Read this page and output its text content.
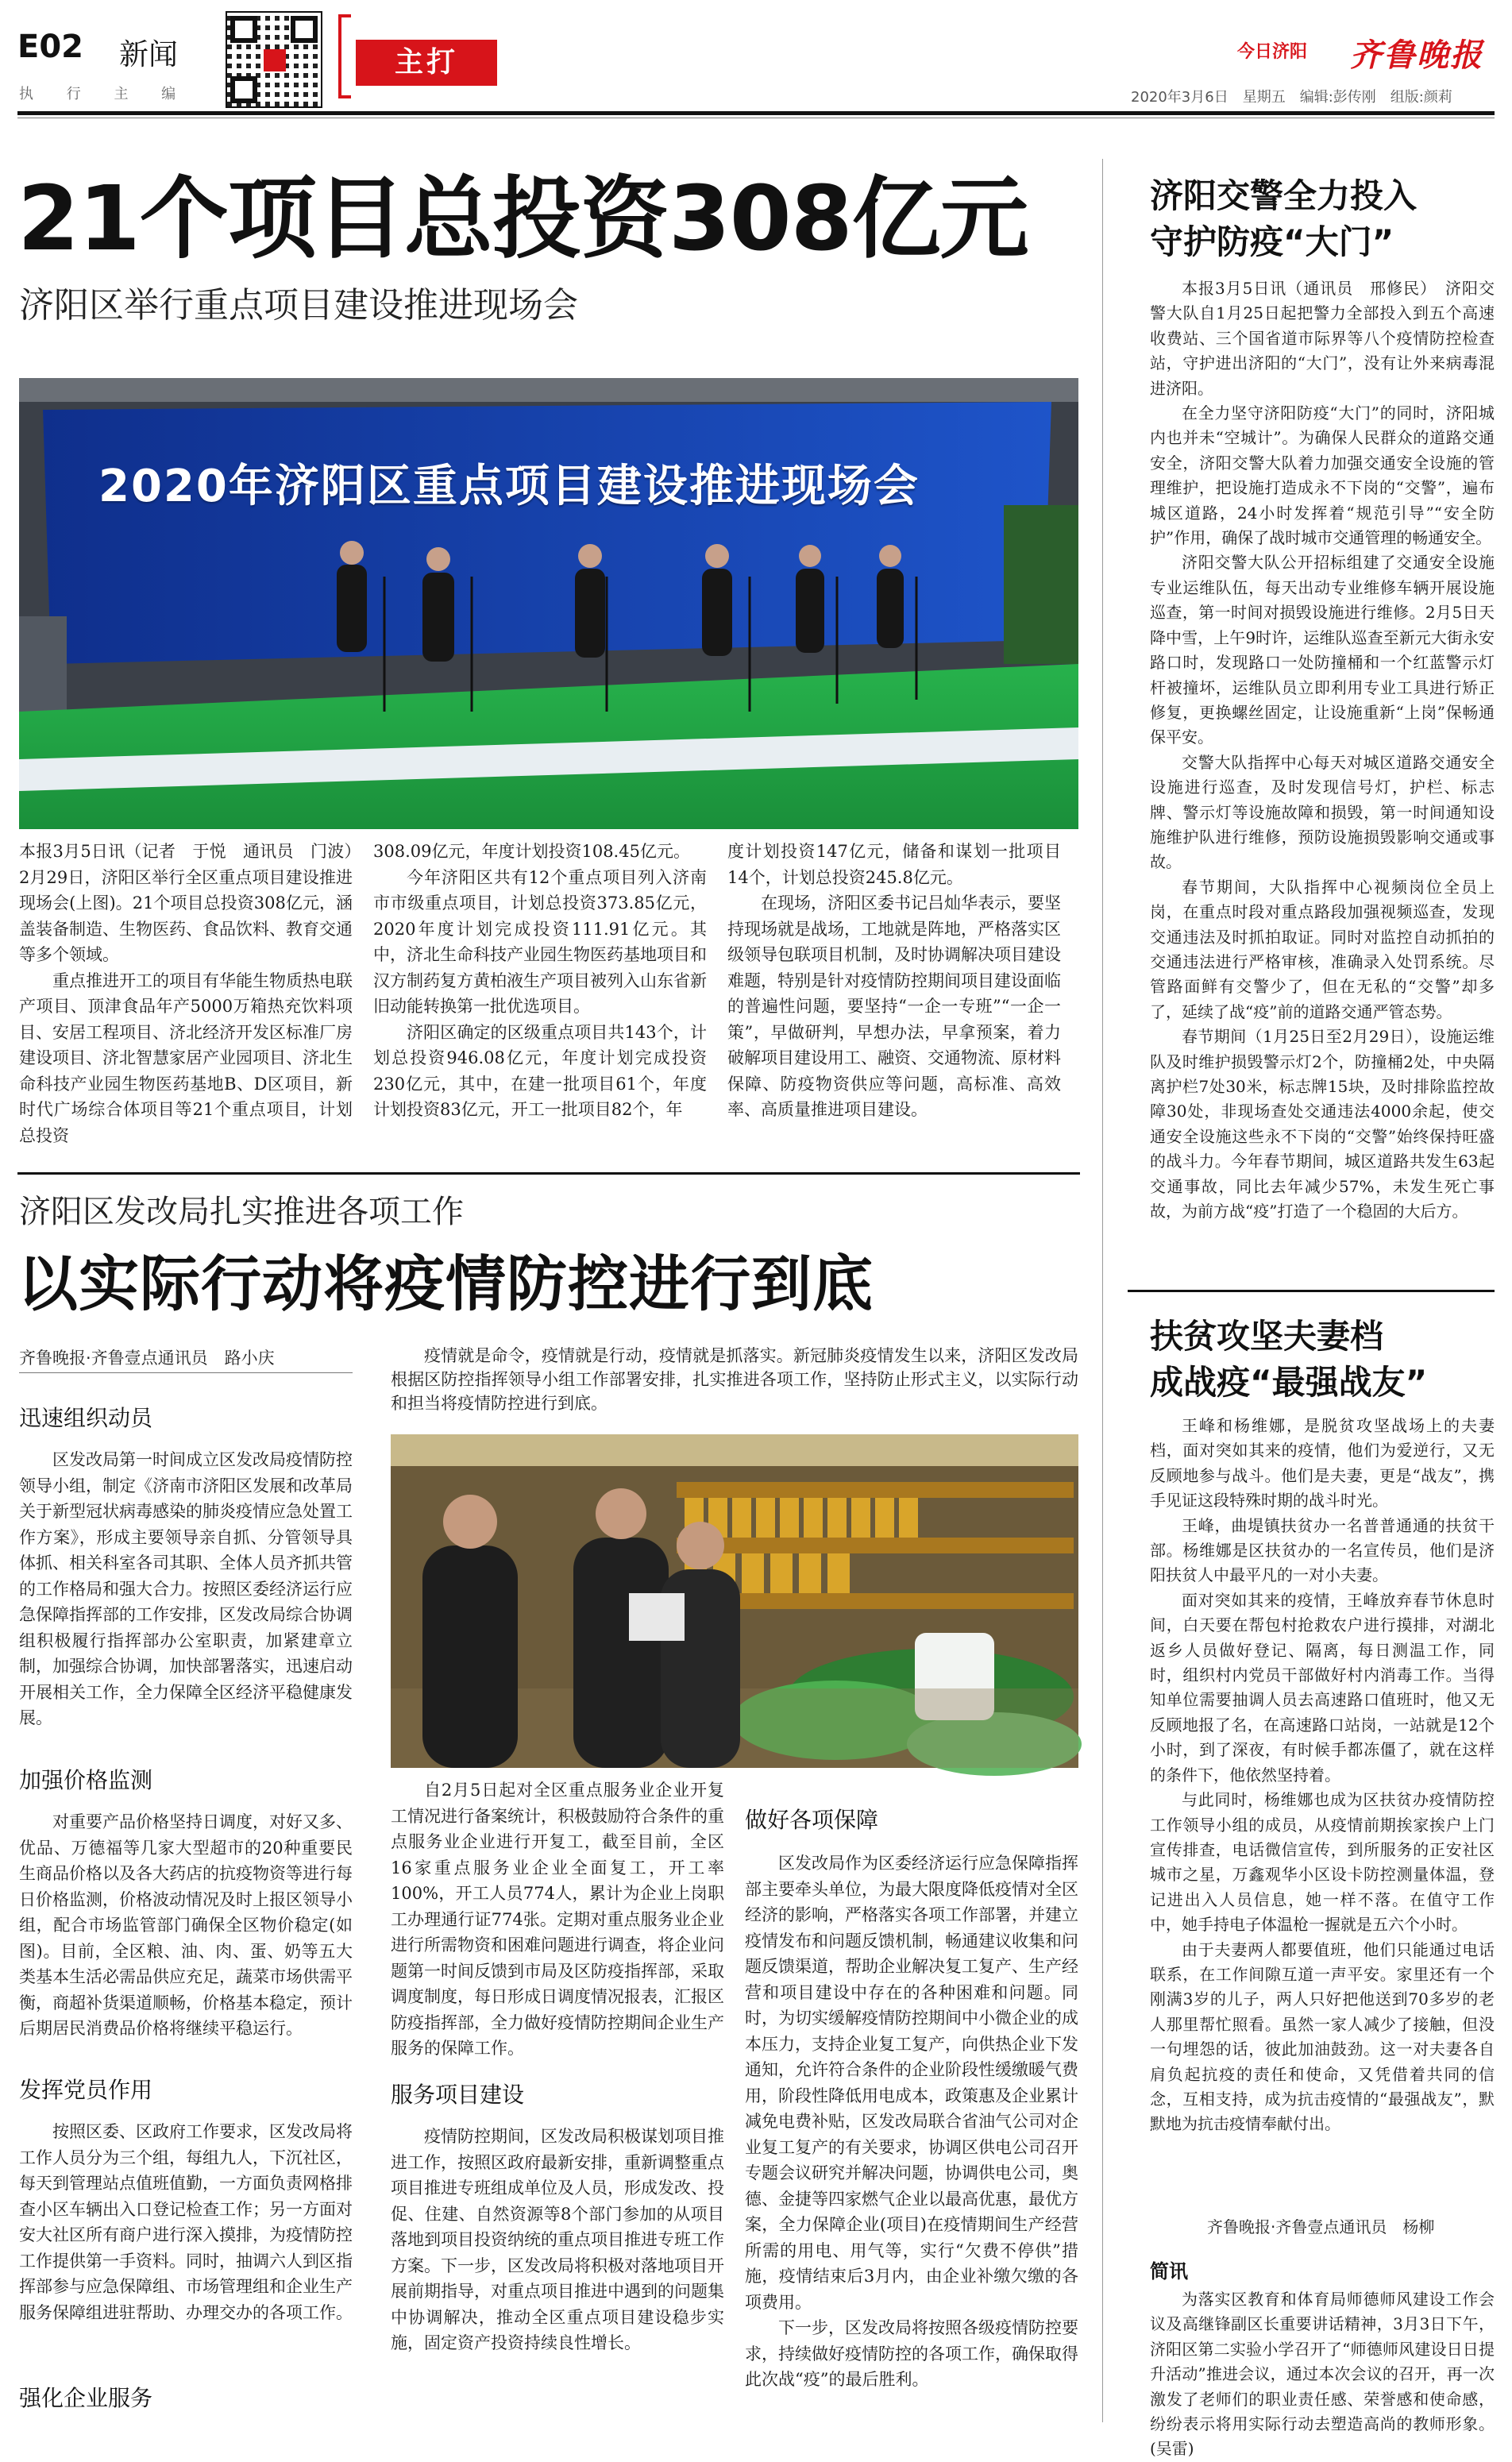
E02 新闻
执 行 主 编
主打	今日济阳 齐鲁晚报
2020年3月6日　星期五　编辑:彭传刚　组版:颜莉
21个项目总投资308亿元
济阳区举行重点项目建设推进现场会
2020年济阳区重点项目建设推进现场会

本报3月5日讯（记者　于悦　通讯员　门波）　2月29日，济阳区举行全区重点项目建设推进现场会(上图)。21个项目总投资308亿元，涵盖装备制造、生物医药、食品饮料、教育交通等多个领域。

重点推进开工的项目有华能生物质热电联产项目、顶津食品年产5000万箱热充饮料项目、安居工程项目、济北经济开发区标准厂房建设项目、济北智慧家居产业园项目、济北生命科技产业园生物医药基地B、D区项目，新时代广场综合体项目等21个重点项目，计划总投资

308.09亿元，年度计划投资108.45亿元。

今年济阳区共有12个重点项目列入济南市市级重点项目，计划总投资373.85亿元，2020年度计划完成投资111.91亿元。其中，济北生命科技产业园生物医药基地项目和汉方制药复方黄柏液生产项目被列入山东省新旧动能转换第一批优选项目。

济阳区确定的区级重点项目共143个，计划总投资946.08亿元，年度计划完成投资230亿元，其中，在建一批项目61个，年度计划投资83亿元，开工一批项目82个，年

度计划投资147亿元，储备和谋划一批项目14个，计划总投资245.8亿元。

在现场，济阳区委书记吕灿华表示，要坚持现场就是战场，工地就是阵地，严格落实区级领导包联项目机制，及时协调解决项目建设难题，特别是针对疫情防控期间项目建设面临的普遍性问题，要坚持“一企一专班”“一企一策”，早做研判，早想办法，早拿预案，着力破解项目建设用工、融资、交通物流、原材料保障、防疫物资供应等问题，高标准、高效率、高质量推进项目建设。

济阳区发改局扎实推进各项工作
以实际行动将疫情防控进行到底
齐鲁晚报·齐鲁壹点通讯员　路小庆	疫情就是命令，疫情就是行动，疫情就是抓落实。新冠肺炎疫情发生以来，济阳区发改局根据区防控指挥领导小组工作部署安排，扎实推进各项工作，坚持防止形式主义，以实际行动和担当将疫情防控进行到底。
迅速组织动员

区发改局第一时间成立区发改局疫情防控领导小组，制定《济南市济阳区发展和改革局关于新型冠状病毒感染的肺炎疫情应急处置工作方案》，形成主要领导亲自抓、分管领导具体抓、相关科室各司其职、全体人员齐抓共管的工作格局和强大合力。按照区委经济运行应急保障指挥部的工作安排，区发改局综合协调组积极履行指挥部办公室职责，加紧建章立制，加强综合协调，加快部署落实，迅速启动开展相关工作，全力保障全区经济平稳健康发展。

加强价格监测

对重要产品价格坚持日调度，对好又多、优品、万德福等几家大型超市的20种重要民生商品价格以及各大药店的抗疫物资等进行每日价格监测，价格波动情况及时上报区领导小组，配合市场监管部门确保全区物价稳定(如图)。目前，全区粮、油、肉、蛋、奶等五大类基本生活必需品供应充足，蔬菜市场供需平衡，商超补货渠道顺畅，价格基本稳定，预计后期居民消费品价格将继续平稳运行。

发挥党员作用

按照区委、区政府工作要求，区发改局将工作人员分为三个组，每组九人，下沉社区，每天到管理站点值班值勤，一方面负责网格排查小区车辆出入口登记检查工作；另一方面对安大社区所有商户进行深入摸排，为疫情防控工作提供第一手资料。同时，抽调六人到区指挥部参与应急保障组、市场管理组和企业生产服务保障组进驻帮助、办理交办的各项工作。

强化企业服务

自2月5日起对全区重点服务业企业开复工情况进行备案统计，积极鼓励符合条件的重点服务业企业进行开复工，截至目前，全区16家重点服务业企业全面复工，开工率100%，开工人员774人，累计为企业上岗职工办理通行证774张。定期对重点服务业企业进行所需物资和困难问题进行调查，将企业问题第一时间反馈到市局及区防疫指挥部，采取调度制度，每日形成日调度情况报表，汇报区防疫指挥部，全力做好疫情防控期间企业生产服务的保障工作。

服务项目建设

疫情防控期间，区发改局积极谋划项目推进工作，按照区政府最新安排，重新调整重点项目推进专班组成单位及人员，形成发改、投促、住建、自然资源等8个部门参加的从项目落地到项目投资纳统的重点项目推进专班工作方案。下一步，区发改局将积极对落地项目开展前期指导，对重点项目推进中遇到的问题集中协调解决，推动全区重点项目建设稳步实施，固定资产投资持续良性增长。

做好各项保障

区发改局作为区委经济运行应急保障指挥部主要牵头单位，为最大限度降低疫情对全区经济的影响，严格落实各项工作部署，并建立疫情发布和问题反馈机制，畅通建议收集和问题反馈渠道，帮助企业解决复工复产、生产经营和项目建设中存在的各种困难和问题。同时，为切实缓解疫情防控期间中小微企业的成本压力，支持企业复工复产，向供热企业下发通知，允许符合条件的企业阶段性缓缴暖气费用，阶段性降低用电成本，政策惠及企业累计减免电费补贴，区发改局联合省油气公司对企业复工复产的有关要求，协调区供电公司召开专题会议研究并解决问题，协调供电公司，奥德、金捷等四家燃气企业以最高优惠，最优方案，全力保障企业(项目)在疫情期间生产经营所需的用电、用气等，实行“欠费不停供”措施，疫情结束后3月内，由企业补缴欠缴的各项费用。

下一步，区发改局将按照各级疫情防控要求，持续做好疫情防控的各项工作，确保取得此次战“疫”的最后胜利。

济阳交警全力投入
守护防疫“大门”

本报3月5日讯（通讯员　邢修民）　济阳交警大队自1月25日起把警力全部投入到五个高速收费站、三个国省道市际界等八个疫情防控检查站，守护进出济阳的“大门”，没有让外来病毒混进济阳。

在全力坚守济阳防疫“大门”的同时，济阳城内也并未“空城计”。为确保人民群众的道路交通安全，济阳交警大队着力加强交通安全设施的管理维护，把设施打造成永不下岗的“交警”，遍布城区道路，24小时发挥着“规范引导”“安全防护”作用，确保了战时城市交通管理的畅通安全。

济阳交警大队公开招标组建了交通安全设施专业运维队伍，每天出动专业维修车辆开展设施巡查，第一时间对损毁设施进行维修。2月5日天降中雪，上午9时许，运维队巡查至新元大街永安路口时，发现路口一处防撞桶和一个红蓝警示灯杆被撞坏，运维队员立即利用专业工具进行矫正修复，更换螺丝固定，让设施重新“上岗”保畅通保平安。

交警大队指挥中心每天对城区道路交通安全设施进行巡查，及时发现信号灯，护栏、标志牌、警示灯等设施故障和损毁，第一时间通知设施维护队进行维修，预防设施损毁影响交通或事故。

春节期间，大队指挥中心视频岗位全员上岗，在重点时段对重点路段加强视频巡查，发现交通违法及时抓拍取证。同时对监控自动抓拍的交通违法进行严格审核，准确录入处罚系统。尽管路面鲜有交警少了，但在无私的“交警”却多了，延续了战“疫”前的道路交通严管态势。

春节期间（1月25日至2月29日），设施运维队及时维护损毁警示灯2个，防撞桶2处，中央隔离护栏7处30米，标志牌15块，及时排除监控故障30处，非现场查处交通违法4000余起，使交通安全设施这些永不下岗的“交警”始终保持旺盛的战斗力。今年春节期间，城区道路共发生63起交通事故，同比去年减少57%，未发生死亡事故，为前方战“疫”打造了一个稳固的大后方。

扶贫攻坚夫妻档
成战疫“最强战友”

王峰和杨维娜，是脱贫攻坚战场上的夫妻档，面对突如其来的疫情，他们为爱逆行，又无反顾地参与战斗。他们是夫妻，更是“战友”，携手见证这段特殊时期的战斗时光。

王峰，曲堤镇扶贫办一名普普通通的扶贫干部。杨维娜是区扶贫办的一名宣传员，他们是济阳扶贫人中最平凡的一对小夫妻。

面对突如其来的疫情，王峰放弃春节休息时间，白天要在帮包村抢救农户进行摸排，对湖北返乡人员做好登记、隔离，每日测温工作，同时，组织村内党员干部做好村内消毒工作。当得知单位需要抽调人员去高速路口值班时，他又无反顾地报了名，在高速路口站岗，一站就是12个小时，到了深夜，有时候手都冻僵了，就在这样的条件下，他依然坚持着。

与此同时，杨维娜也成为区扶贫办疫情防控工作领导小组的成员，从疫情前期挨家挨户上门宣传排查，电话微信宣传，到所服务的正安社区城市之星，万鑫观华小区设卡防控测量体温，登记进出入人员信息，她一样不落。在值守工作中，她手持电子体温枪一握就是五六个小时。

由于夫妻两人都要值班，他们只能通过电话联系，在工作间隙互道一声平安。家里还有一个刚满3岁的儿子，两人只好把他送到70多岁的老人那里帮忙照看。虽然一家人减少了接触，但没一句埋怨的话，彼此加油鼓劲。这一对夫妻各自肩负起抗疫的责任和使命，又凭借着共同的信念，互相支持，成为抗击疫情的“最强战友”，默默地为抗击疫情奉献付出。

齐鲁晚报·齐鲁壹点通讯员　杨柳
简讯

为落实区教育和体育局师德师风建设工作会议及高继锋副区长重要讲话精神，3月3日下午，济阳区第二实验小学召开了“师德师风建设日日提升活动”推进会议，通过本次会议的召开，再一次激发了老师们的职业责任感、荣誉感和使命感，纷纷表示将用实际行动去塑造高尚的教师形象。(吴雷)
